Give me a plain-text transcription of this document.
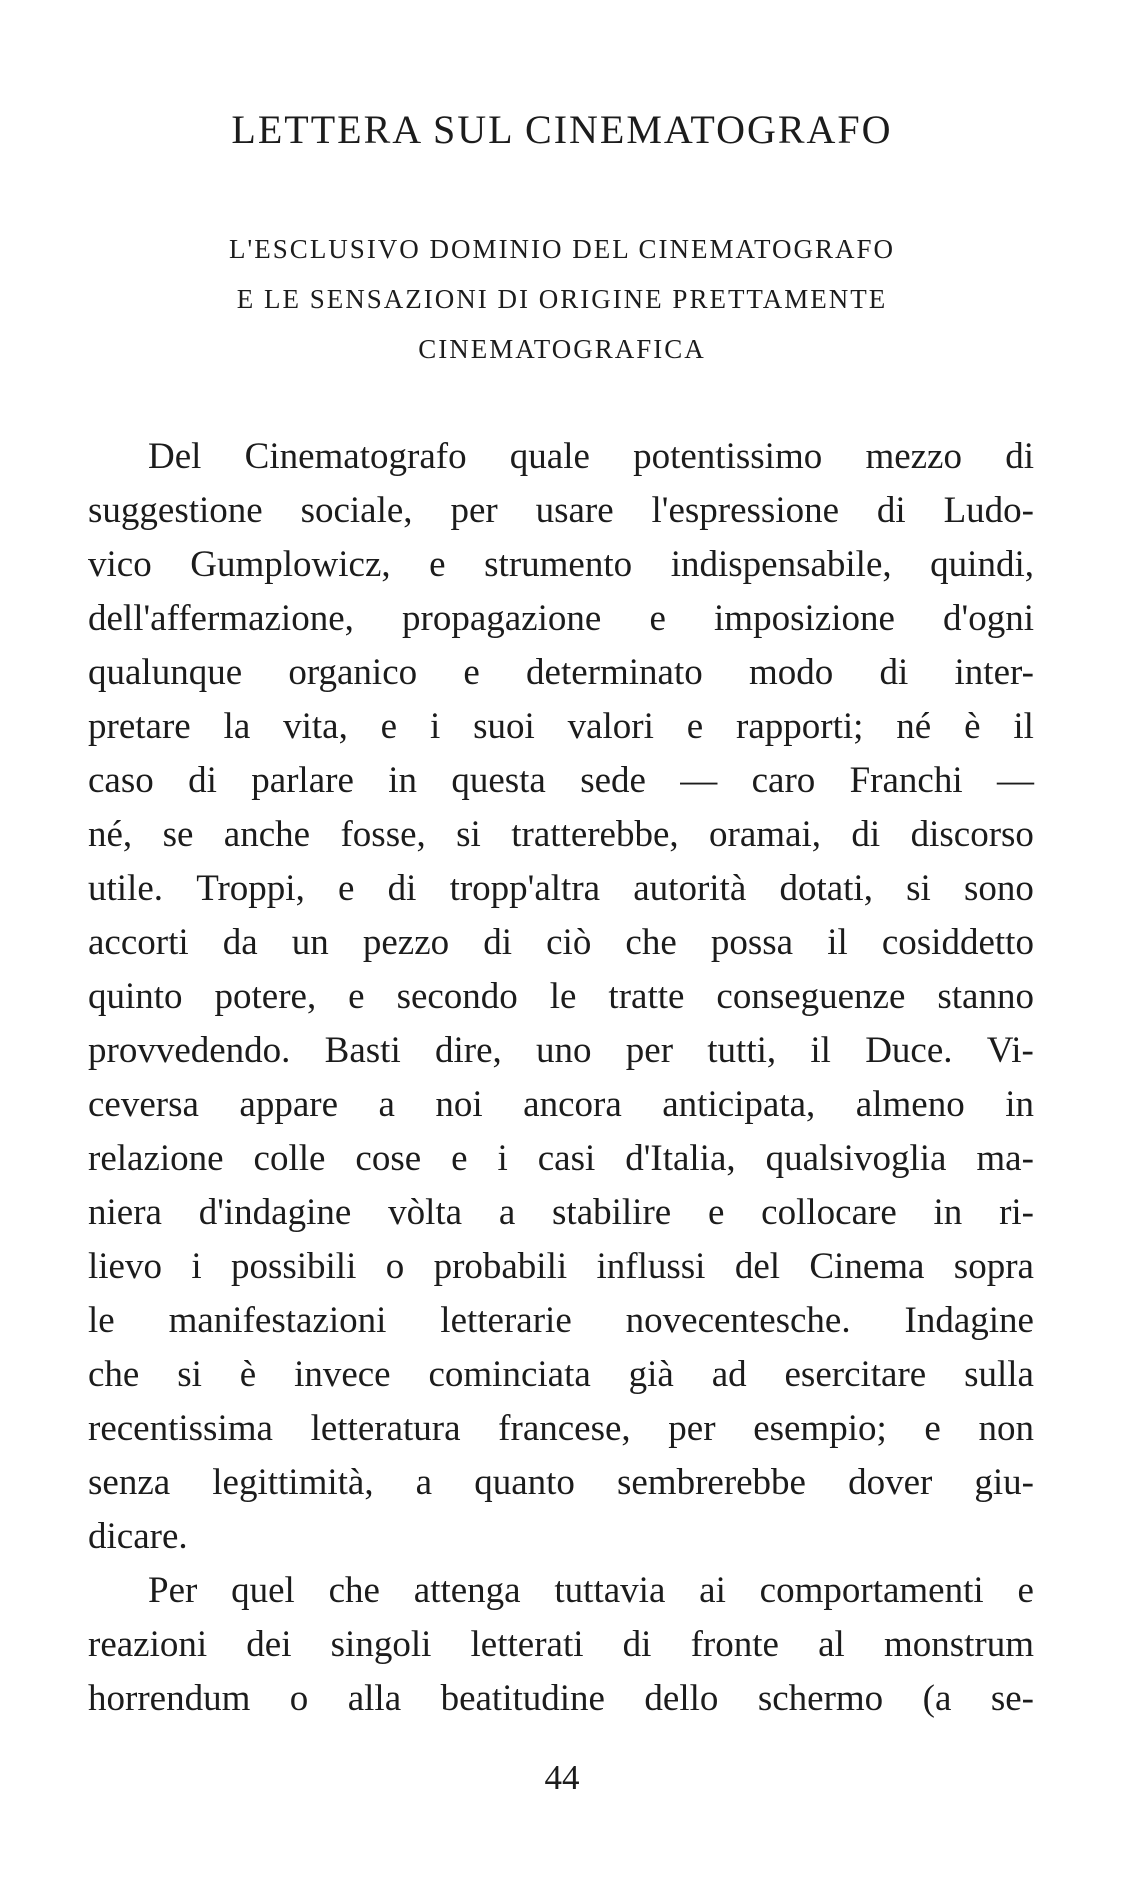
LETTERA SUL CINEMATOGRAFO
L'ESCLUSIVO DOMINIO DEL CINEMATOGRAFO
E LE SENSAZIONI DI ORIGINE PRETTAMENTE
CINEMATOGRAFICA
Del Cinematografo quale potentissimo mezzo di
suggestione sociale, per usare l'espressione di Ludo-
vico Gumplowicz, e strumento indispensabile, quindi,
dell'affermazione, propagazione e imposizione d'ogni
qualunque organico e determinato modo di inter-
pretare la vita, e i suoi valori e rapporti; né è il
caso di parlare in questa sede — caro Franchi —
né, se anche fosse, si tratterebbe, oramai, di discorso
utile. Troppi, e di tropp'altra autorità dotati, si sono
accorti da un pezzo di ciò che possa il cosiddetto
quinto potere, e secondo le tratte conseguenze stanno
provvedendo. Basti dire, uno per tutti, il Duce. Vi-
ceversa appare a noi ancora anticipata, almeno in
relazione colle cose e i casi d'Italia, qualsivoglia ma-
niera d'indagine vòlta a stabilire e collocare in ri-
lievo i possibili o probabili influssi del Cinema sopra
le manifestazioni letterarie novecentesche. Indagine
che si è invece cominciata già ad esercitare sulla
recentissima letteratura francese, per esempio; e non
senza legittimità, a quanto sembrerebbe dover giu-
dicare.
Per quel che attenga tuttavia ai comportamenti e
reazioni dei singoli letterati di fronte al monstrum
horrendum o alla beatitudine dello schermo (a se-
44
